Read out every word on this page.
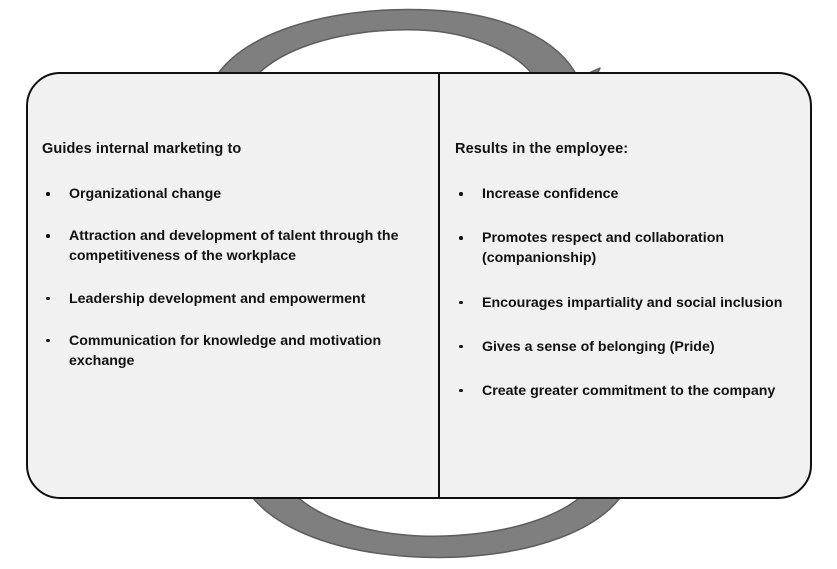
Guides internal marketing to

Organizational change
Attraction and development of talent through the competitiveness of the workplace
Leadership development and empowerment
Communication for knowledge and motivation exchange

Results in the employee:

Increase confidence
Promotes respect and collaboration (companionship)
Encourages impartiality and social inclusion
Gives a sense of belonging (Pride)
Create greater commitment to the company
